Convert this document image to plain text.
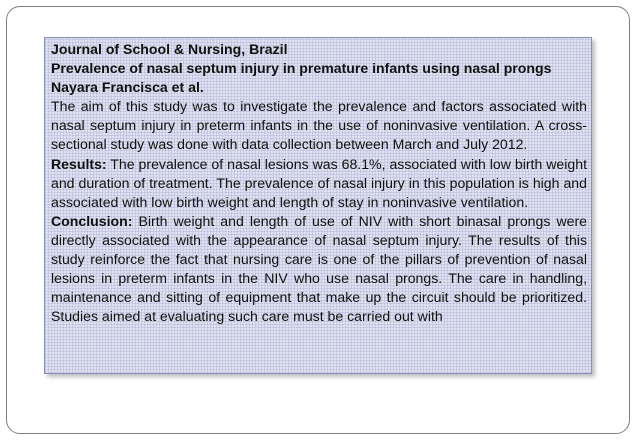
Journal of School & Nursing, Brazil

Prevalence of nasal septum injury in premature infants using nasal prongs

Nayara Francisca et al.

The aim of this study was to investigate the prevalence and factors associated with nasal septum injury in preterm infants in the use of noninvasive ventilation. A cross-sectional study was done with data collection between March and July 2012.

Results: The prevalence of nasal lesions was 68.1%, associated with low birth weight and duration of treatment. The prevalence of nasal injury in this population is high and associated with low birth weight and length of stay in noninvasive ventilation.

Conclusion: Birth weight and length of use of NIV with short binasal prongs were directly associated with the appearance of nasal septum injury. The results of this study reinforce the fact that nursing care is one of the pillars of prevention of nasal lesions in preterm infants in the NIV who use nasal prongs. The care in handling, maintenance and sitting of equipment that make up the circuit should be prioritized. Studies aimed at evaluating such care must be carried out with
